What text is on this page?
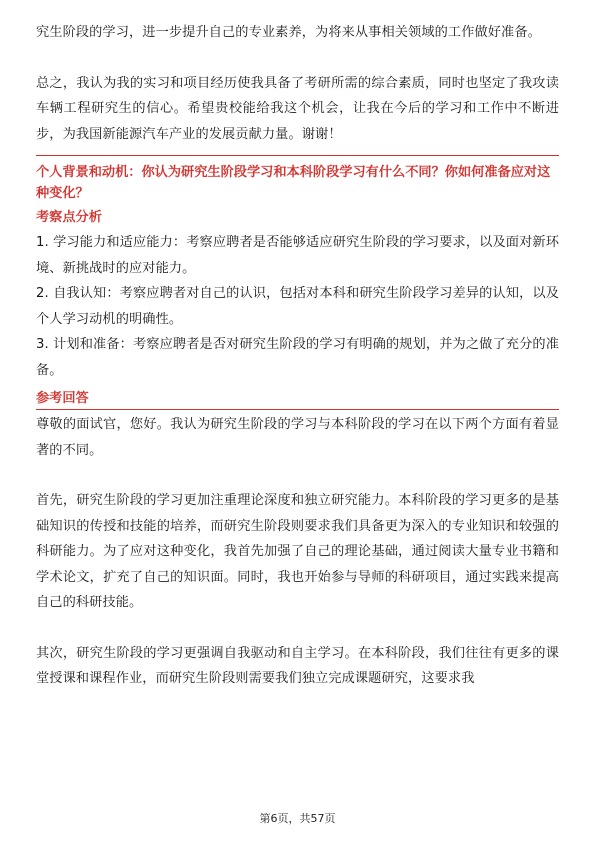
究生阶段的学习，进一步提升自己的专业素养，为将来从事相关领域的工作做好准备。

总之，我认为我的实习和项目经历使我具备了考研所需的综合素质，同时也坚定了我攻读车辆工程研究生的信心。希望贵校能给我这个机会，让我在今后的学习和工作中不断进步，为我国新能源汽车产业的发展贡献力量。谢谢！

个人背景和动机：你认为研究生阶段学习和本科阶段学习有什么不同？你如何准备应对这种变化？
考察点分析

1. 学习能力和适应能力：考察应聘者是否能够适应研究生阶段的学习要求，以及面对新环境、新挑战时的应对能力。

2. 自我认知：考察应聘者对自己的认识，包括对本科和研究生阶段学习差异的认知，以及个人学习动机的明确性。

3. 计划和准备：考察应聘者是否对研究生阶段的学习有明确的规划，并为之做了充分的准备。

参考回答

尊敬的面试官，您好。我认为研究生阶段的学习与本科阶段的学习在以下两个方面有着显著的不同。

首先，研究生阶段的学习更加注重理论深度和独立研究能力。本科阶段的学习更多的是基础知识的传授和技能的培养，而研究生阶段则要求我们具备更为深入的专业知识和较强的科研能力。为了应对这种变化，我首先加强了自己的理论基础，通过阅读大量专业书籍和学术论文，扩充了自己的知识面。同时，我也开始参与导师的科研项目，通过实践来提高自己的科研技能。

其次，研究生阶段的学习更强调自我驱动和自主学习。在本科阶段，我们往往有更多的课堂授课和课程作业，而研究生阶段则需要我们独立完成课题研究，这要求我

第6页，共57页
